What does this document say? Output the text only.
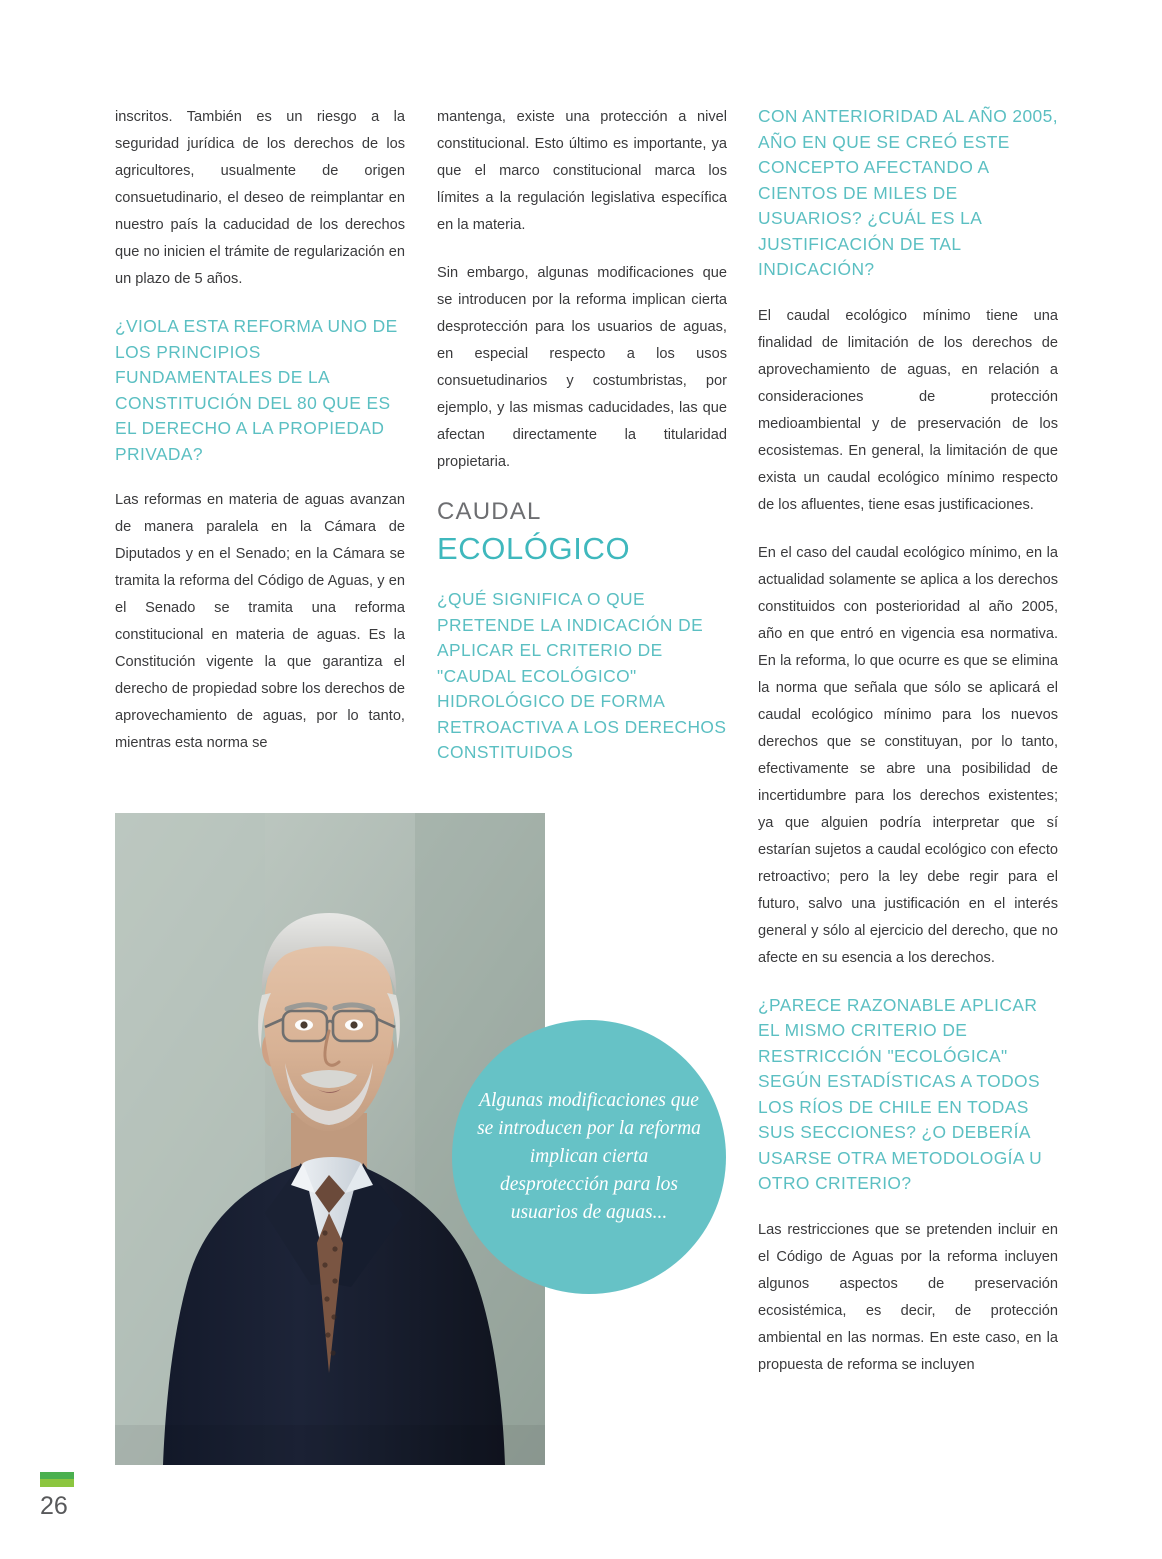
inscritos. También es un riesgo a la seguridad jurídica de los derechos de los agricultores, usualmente de origen consuetudinario, el deseo de reimplantar en nuestro país la caducidad de los derechos que no inicien el trámite de regularización en un plazo de 5 años.

¿VIOLA ESTA REFORMA UNO DE LOS PRINCIPIOS FUNDAMENTALES DE LA CONSTITUCIÓN DEL 80 QUE ES EL DERECHO A LA PROPIEDAD PRIVADA?

Las reformas en materia de aguas avanzan de manera paralela en la Cámara de Diputados y en el Senado; en la Cámara se tramita la reforma del Código de Aguas, y en el Senado se tramita una reforma constitucional en materia de aguas. Es la Constitución vigente la que garantiza el derecho de propiedad sobre los derechos de aprovechamiento de aguas, por lo tanto, mientras esta norma se

mantenga, existe una protección a nivel constitucional. Esto último es importante, ya que el marco constitucional marca los límites a la regulación legislativa específica en la materia.

Sin embargo, algunas modificaciones que se introducen por la reforma implican cierta desprotección para los usuarios de aguas, en especial respecto a los usos consuetudinarios y costumbristas, por ejemplo, y las mismas caducidades, las que afectan directamente la titularidad propietaria.

CAUDAL
ECOLÓGICO
¿QUÉ SIGNIFICA O QUE PRETENDE LA INDICACIÓN DE APLICAR EL CRITERIO DE "CAUDAL ECOLÓGICO" HIDROLÓGICO DE FORMA RETROACTIVA A LOS DERECHOS CONSTITUIDOS
CON ANTERIORIDAD AL AÑO 2005, AÑO EN QUE SE CREÓ ESTE CONCEPTO AFECTANDO A CIENTOS DE MILES DE USUARIOS? ¿CUÁL ES LA JUSTIFICACIÓN DE TAL INDICACIÓN?

El caudal ecológico mínimo tiene una finalidad de limitación de los derechos de aprovechamiento de aguas, en relación a consideraciones de protección medioambiental y de preservación de los ecosistemas. En general, la limitación de que exista un caudal ecológico mínimo respecto de los afluentes, tiene esas justificaciones.

En el caso del caudal ecológico mínimo, en la actualidad solamente se aplica a los derechos constituidos con posterioridad al año 2005, año en que entró en vigencia esa normativa. En la reforma, lo que ocurre es que se elimina la norma que señala que sólo se aplicará el caudal ecológico mínimo para los nuevos derechos que se constituyan, por lo tanto, efectivamente se abre una posibilidad de incertidumbre para los derechos existentes; ya que alguien podría interpretar que sí estarían sujetos a caudal ecológico con efecto retroactivo; pero la ley debe regir para el futuro, salvo una justificación en el interés general y sólo al ejercicio del derecho, que no afecte en su esencia a los derechos.

¿PARECE RAZONABLE APLICAR EL MISMO CRITERIO DE RESTRICCIÓN "ECOLÓGICA" SEGÚN ESTADÍSTICAS A TODOS LOS RÍOS DE CHILE EN TODAS SUS SECCIONES? ¿O DEBERÍA USARSE OTRA METODOLOGÍA U OTRO CRITERIO?

Las restricciones que se pretenden incluir en el Código de Aguas por la reforma incluyen algunos aspectos de preservación ecosistémica, es decir, de protección ambiental en las normas. En este caso, en la propuesta de reforma se incluyen

Algunas modificaciones que se introducen por la reforma implican cierta desprotección para los usuarios de aguas...

26
